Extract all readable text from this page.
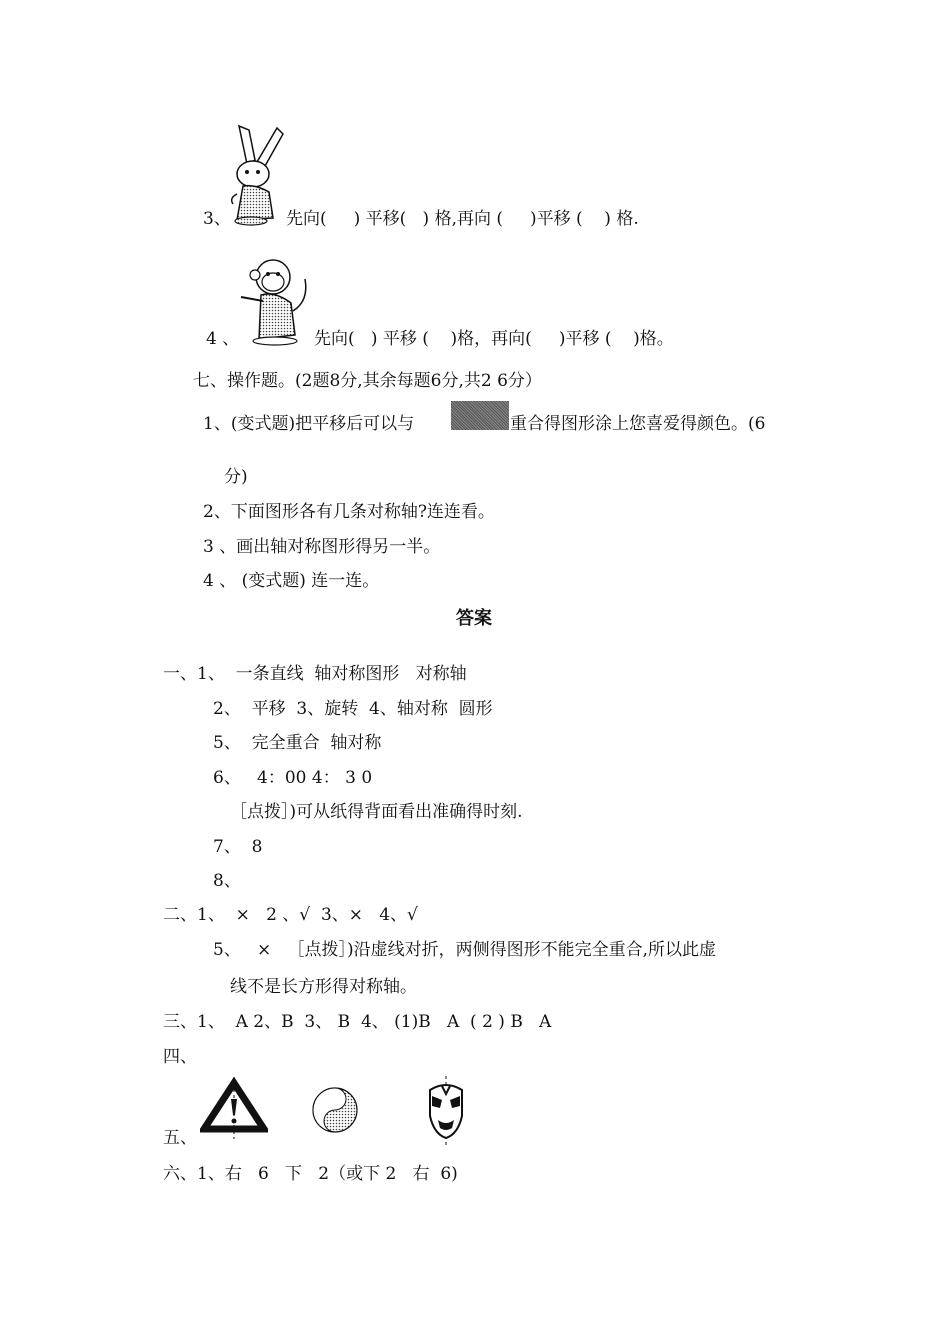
3、	先向(     ) 平移(   ) 格,再向 (     )平移 (    ) 格.
4 、	先向(   ) 平移 (    )格，再向(     )平移 (    )格。
七、操作题。(2题8分,其余每题6分,共2 6分）
1、(变式题)把平移后可以与	重合得图形涂上您喜爱得颜色。(6
分)
2、下面图形各有几条对称轴?连连看。
3 、画出轴对称图形得另一半。
4 、 (变式题) 连一连。
答案
一、1、  一条直线  轴对称图形   对称轴
2、  平移  3、旋转  4、轴对称  圆形
5、  完全重合  轴对称
6、   4：00 4： 3 0
［点拨］)可从纸得背面看出准确得时刻.
7、  8
8、
二、1、  ×   2 、√  3、×   4、√
5、   ×   ［点拨］)沿虚线对折，两侧得图形不能完全重合,所以此虚
线不是长方形得对称轴。
三、1、  A 2、B  3、 B  4、 (1)B   A  ( 2 ) B   A
四、
五、
六、1、右   6   下   2（或下 2   右  6)
